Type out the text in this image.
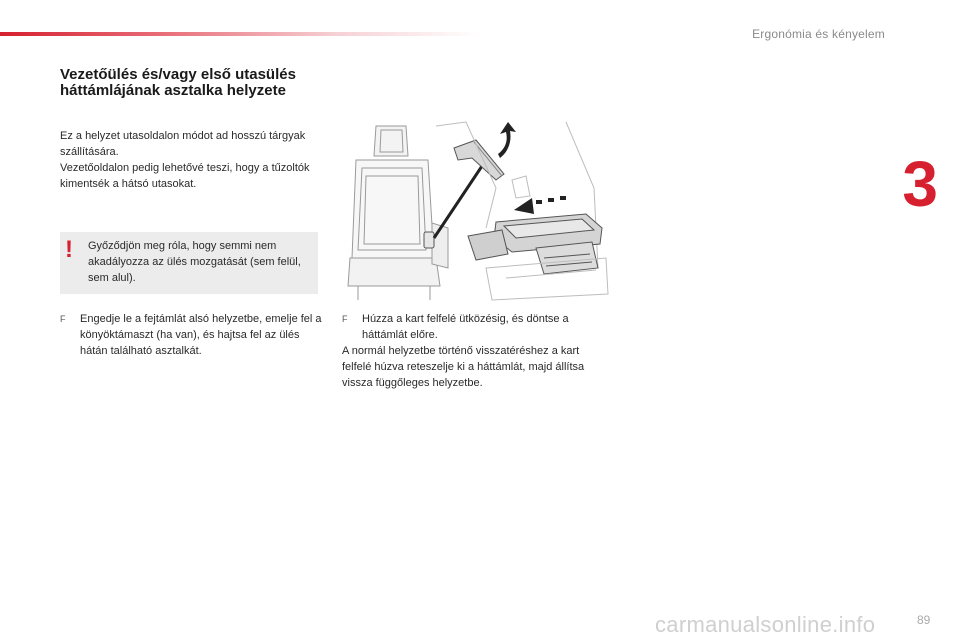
Ergonómia és kényelem
3
Vezetőülés és/vagy első utasülés háttámlájának asztalka helyzete

Ez a helyzet utasoldalon módot ad hosszú tárgyak szállítására.

Vezetőoldalon pedig lehetővé teszi, hogy a tűzoltók kimentsék a hátsó utasokat.

! Győződjön meg róla, hogy semmi nem akadályozza az ülés mozgatását (sem felül, sem alul).

F	Engedje le a fejtámlát alsó helyzetbe, emelje fel a könyöktámaszt (ha van), és hajtsa fel az ülés hátán található asztalkát.
F	Húzza a kart felfelé ütközésig, és döntse a háttámlát előre.

A normál helyzetbe történő visszatéréshez a kart felfelé húzva reteszelje ki a háttámlát, majd állítsa vissza függőleges helyzetbe.

carmanualsonline.info	89
